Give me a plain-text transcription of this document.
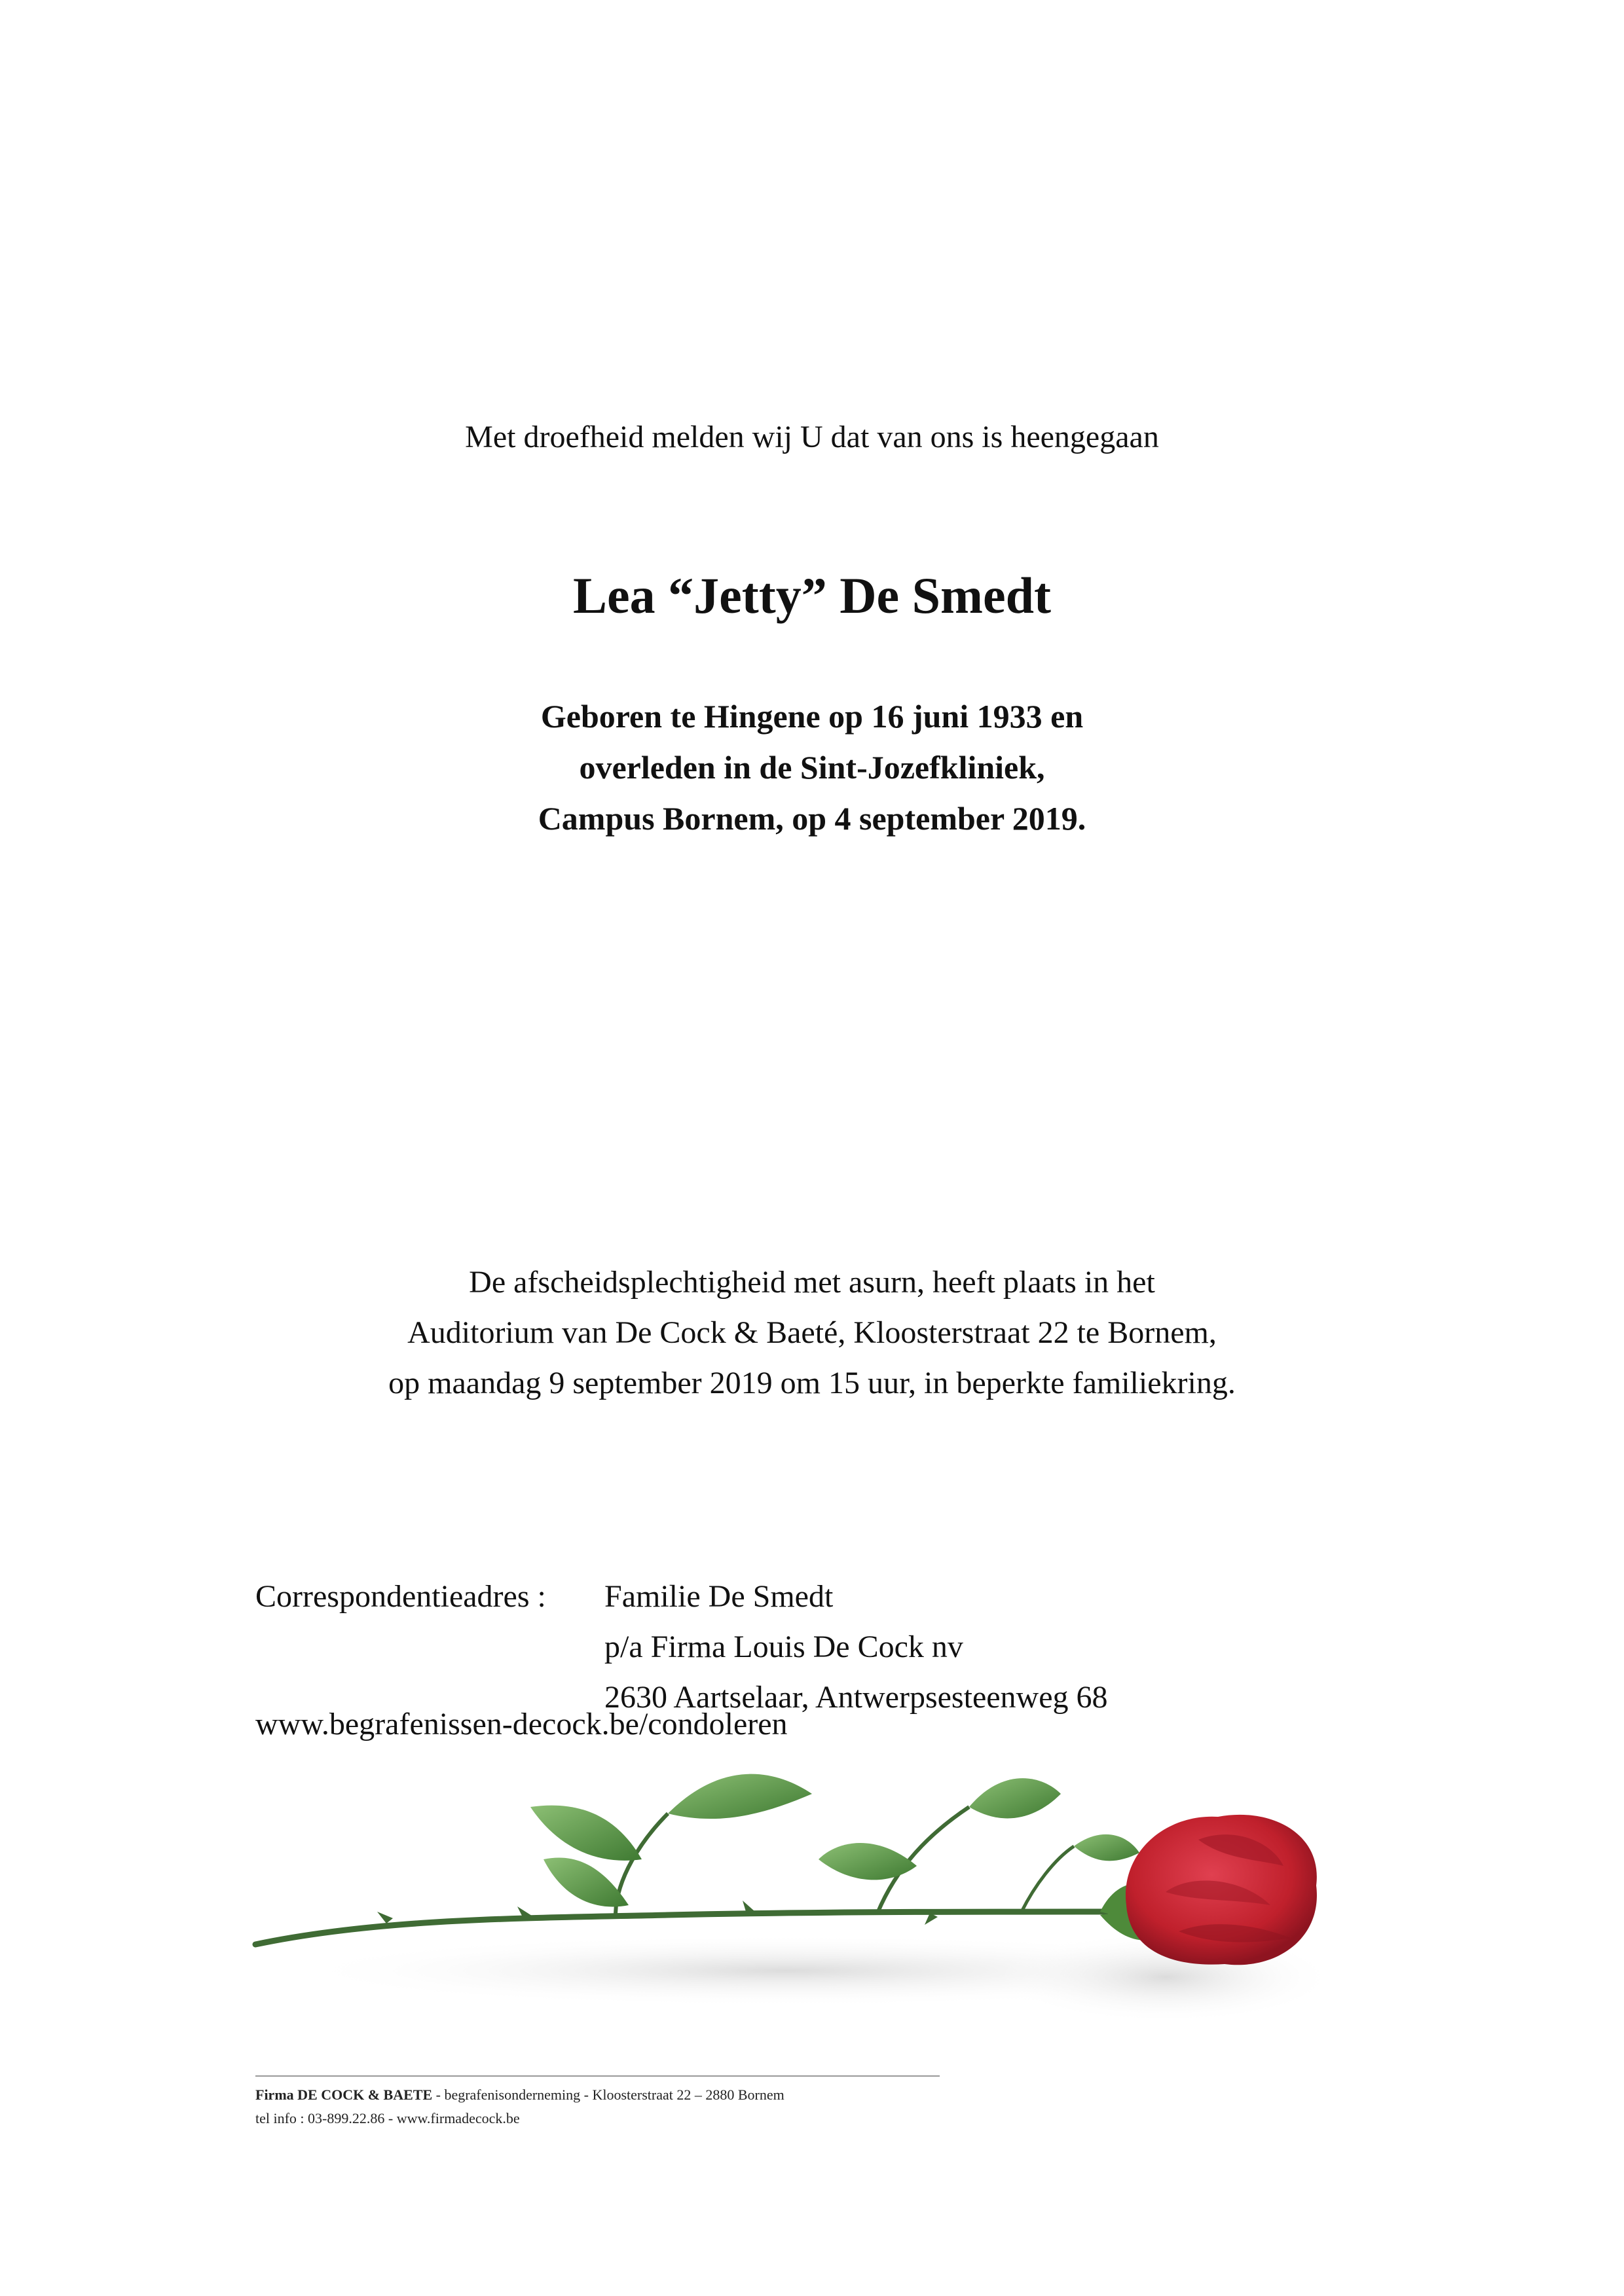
Met droefheid melden wij U dat van ons is heengegaan
Lea “Jetty” De Smedt
Geboren te Hingene op 16 juni 1933 en
overleden in de Sint-Jozefkliniek,
Campus Bornem, op 4 september 2019.
De afscheidsplechtigheid met asurn, heeft plaats in het
Auditorium van De Cock & Baeté, Kloosterstraat 22 te Bornem,
op maandag 9 september 2019 om 15 uur, in beperkte familiekring.
Correspondentieadres :	Familie De Smedt
p/a Firma Louis De Cock nv
2630 Aartselaar, Antwerpsesteenweg 68
www.begrafenissen-decock.be/condoleren
Firma DE COCK & BAETE - begrafenisonderneming - Kloosterstraat 22 – 2880 Bornem
tel info : 03-899.22.86 - www.firmadecock.be
